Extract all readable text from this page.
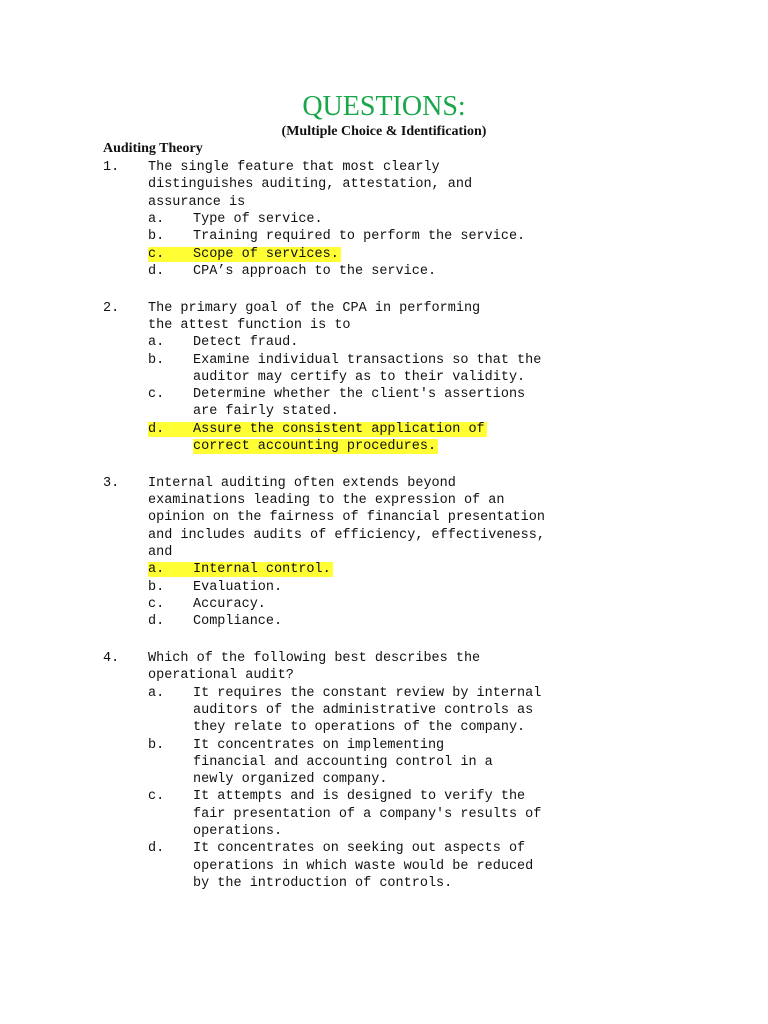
QUESTIONS:
(Multiple Choice & Identification)
Auditing Theory
1. The single feature that most clearly
distinguishes auditing, attestation, and
assurance is
a. Type of service.
b. Training required to perform the service.
c.	Scope of services.
d. CPA’s approach to the service.
2. The primary goal of the CPA in performing
the attest function is to
a. Detect fraud.
b. Examine individual transactions so that the
auditor may certify as to their validity.
c. Determine whether the client's assertions
are fairly stated.
d.	Assure the consistent application of
correct accounting procedures.
3. Internal auditing often extends beyond
examinations leading to the expression of an
opinion on the fairness of financial presentation
and includes audits of efficiency, effectiveness,
and
a.	Internal control.
b. Evaluation.
c. Accuracy.
d. Compliance.
4. Which of the following best describes the
operational audit?
a. It requires the constant review by internal
auditors of the administrative controls as
they relate to operations of the company.
b. It concentrates on implementing
financial and accounting control in a
newly organized company.
c. It attempts and is designed to verify the
fair presentation of a company's results of
operations.
d. It concentrates on seeking out aspects of
operations in which waste would be reduced
by the introduction of controls.
